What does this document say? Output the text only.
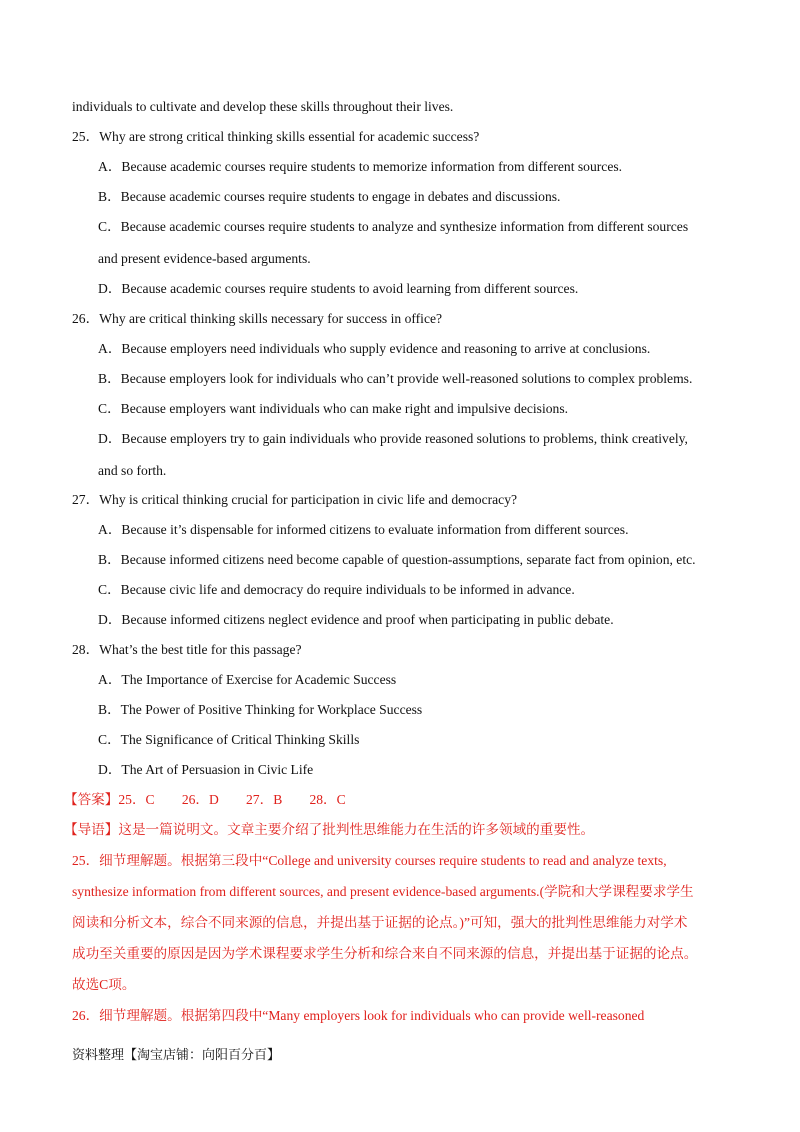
individuals to cultivate and develop these skills throughout their lives.
25．Why are strong critical thinking skills essential for academic success?
A．Because academic courses require students to memorize information from different sources.
B．Because academic courses require students to engage in debates and discussions.
C．Because academic courses require students to analyze and synthesize information from different sources
and present evidence-based arguments.
D．Because academic courses require students to avoid learning from different sources.
26．Why are critical thinking skills necessary for success in office?
A．Because employers need individuals who supply evidence and reasoning to arrive at conclusions.
B．Because employers look for individuals who can’t provide well-reasoned solutions to complex problems.
C．Because employers want individuals who can make right and impulsive decisions.
D．Because employers try to gain individuals who provide reasoned solutions to problems, think creatively,
and so forth.
27．Why is critical thinking crucial for participation in civic life and democracy?
A．Because it’s dispensable for informed citizens to evaluate information from different sources.
B．Because informed citizens need become capable of question-assumptions, separate fact from opinion, etc.
C．Because civic life and democracy do require individuals to be informed in advance.
D．Because informed citizens neglect evidence and proof when participating in public debate.
28．What’s the best title for this passage?
A．The Importance of Exercise for Academic Success
B．The Power of Positive Thinking for Workplace Success
C．The Significance of Critical Thinking Skills
D．The Art of Persuasion in Civic Life
【答案】25．C　　26．D　　27．B　　28．C
【导语】这是一篇说明文。文章主要介绍了批判性思维能力在生活的许多领域的重要性。
25．细节理解题。根据第三段中“College and university courses require students to read and analyze texts,
synthesize information from different sources, and present evidence-based arguments.(学院和大学课程要求学生
阅读和分析文本，综合不同来源的信息，并提出基于证据的论点。)”可知，强大的批判性思维能力对学术
成功至关重要的原因是因为学术课程要求学生分析和综合来自不同来源的信息，并提出基于证据的论点。
故选C项。
26．细节理解题。根据第四段中“Many employers look for individuals who can provide well-reasoned
资料整理【淘宝店铺：向阳百分百】
